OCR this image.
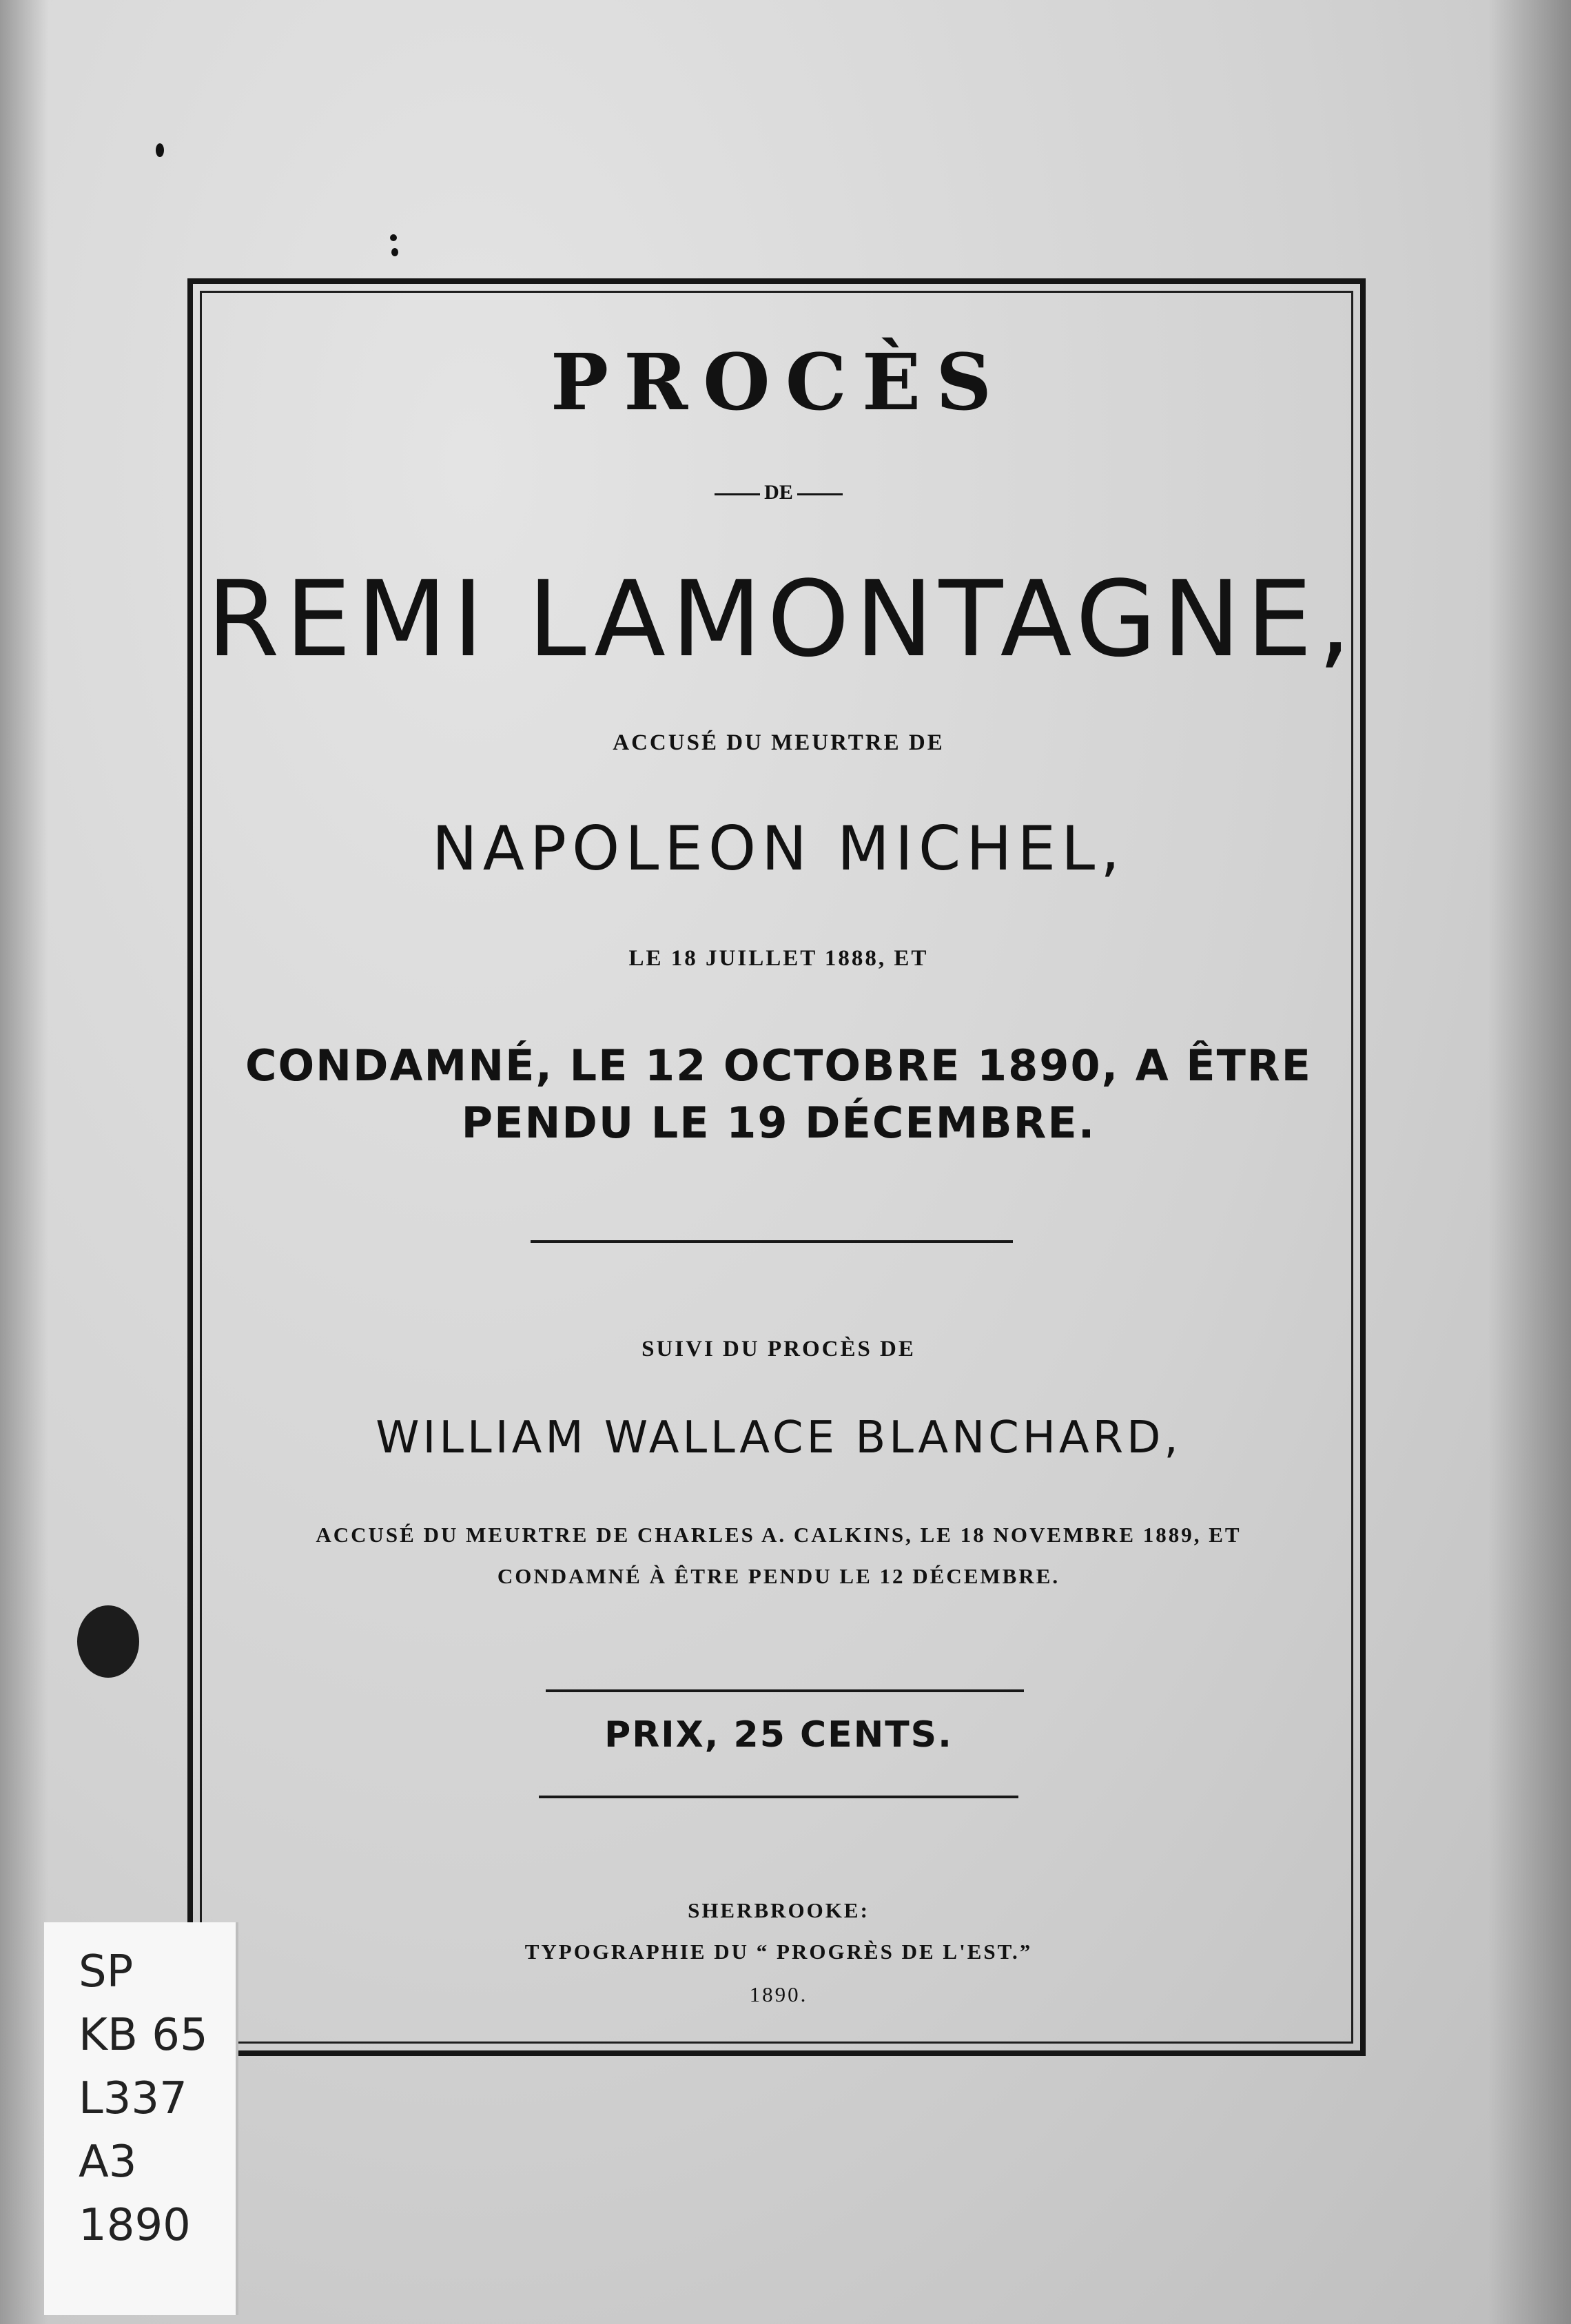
PROCÈS
DE
REMI LAMONTAGNE,
ACCUSÉ DU MEURTRE DE
NAPOLEON MICHEL,
LE 18 JUILLET 1888, ET
CONDAMNÉ, LE 12 OCTOBRE 1890, A ÊTRE
PENDU LE 19 DÉCEMBRE.
SUIVI DU PROCÈS DE
WILLIAM WALLACE BLANCHARD,
ACCUSÉ DU MEURTRE DE CHARLES A. CALKINS, LE 18 NOVEMBRE 1889, ET
CONDAMNÉ À ÊTRE PENDU LE 12 DÉCEMBRE.
PRIX, 25 CENTS.
SHERBROOKE:
TYPOGRAPHIE DU “ PROGRÈS DE L'EST.”
1890.
SP
KB 65
L337
A3
1890
